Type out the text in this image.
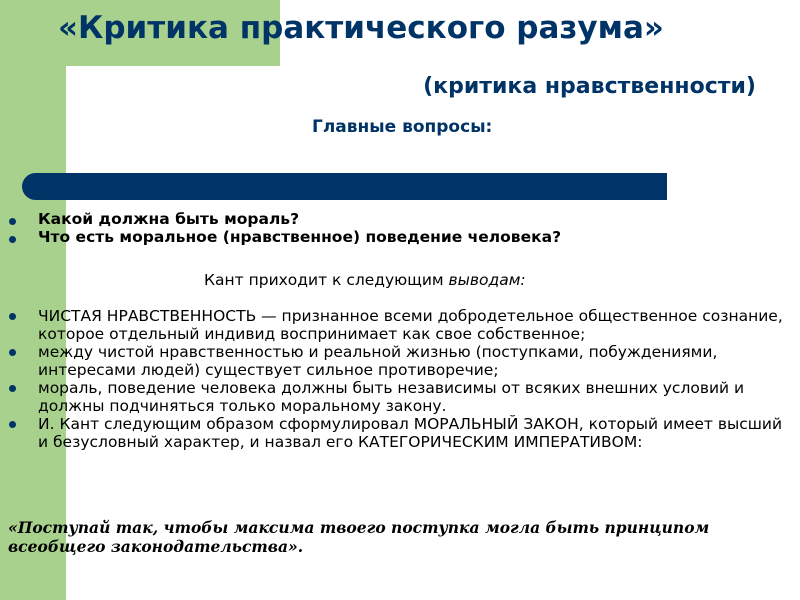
«Критика практического разума»
(критика нравственности)
Главные вопросы:
Какой должна быть мораль?
Что есть моральное (нравственное) поведение человека?

Кант приходит к следующим выводам:

ЧИСТАЯ НРАВСТВЕННОСТЬ — признанное всеми добродетельное общественное сознание, которое отдельный индивид воспринимает как свое собственное;
между чистой нравственностью и реальной жизнью (поступками, побуждениями, интересами людей) существует сильное противоречие;
мораль, поведение человека должны быть независимы от всяких внешних условий и должны подчиняться только моральному закону.
И. Кант следующим образом сформулировал МОРАЛЬНЫЙ ЗАКОН, который имеет высший и безусловный характер, и назвал его КАТЕГОРИЧЕСКИМ ИМПЕРАТИВОМ:

«Поступай так, чтобы максима твоего поступка могла быть принципом всеобщего законодательства».
